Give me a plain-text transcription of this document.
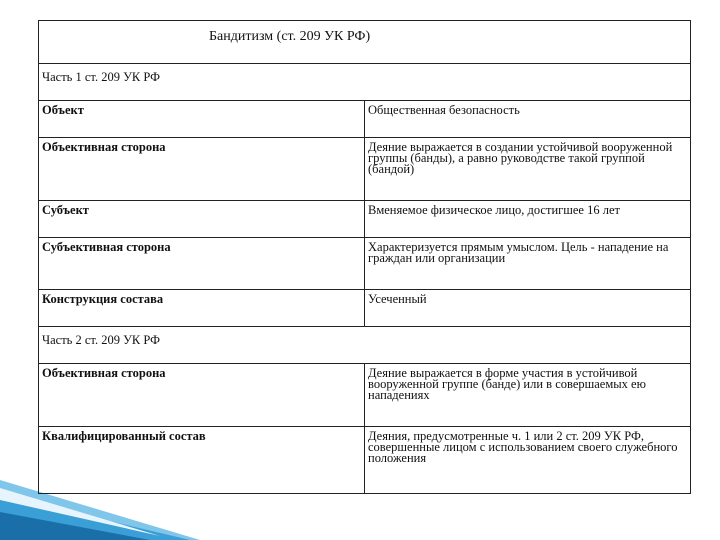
Бандитизм (ст. 209 УК РФ)	
Часть 1 ст. 209 УК РФ	
Объект	Общественная безопасность
Объективная сторона	Деяние выражается в создании устойчивой вооруженной группы (банды), а равно руководстве такой группой (бандой)
Субъект	Вменяемое физическое лицо, достигшее 16 лет
Субъективная сторона	Характеризуется прямым умыслом. Цель - нападение на граждан или организации
Конструкция состава	Усеченный
Часть 2 ст. 209 УК РФ	
Объективная сторона	Деяние выражается в форме участия в устойчивой вооруженной группе (банде) или в совершаемых ею нападениях
Квалифицированный состав	Деяния, предусмотренные ч. 1 или 2 ст. 209 УК РФ, совершенные лицом с использованием своего служебного положения
